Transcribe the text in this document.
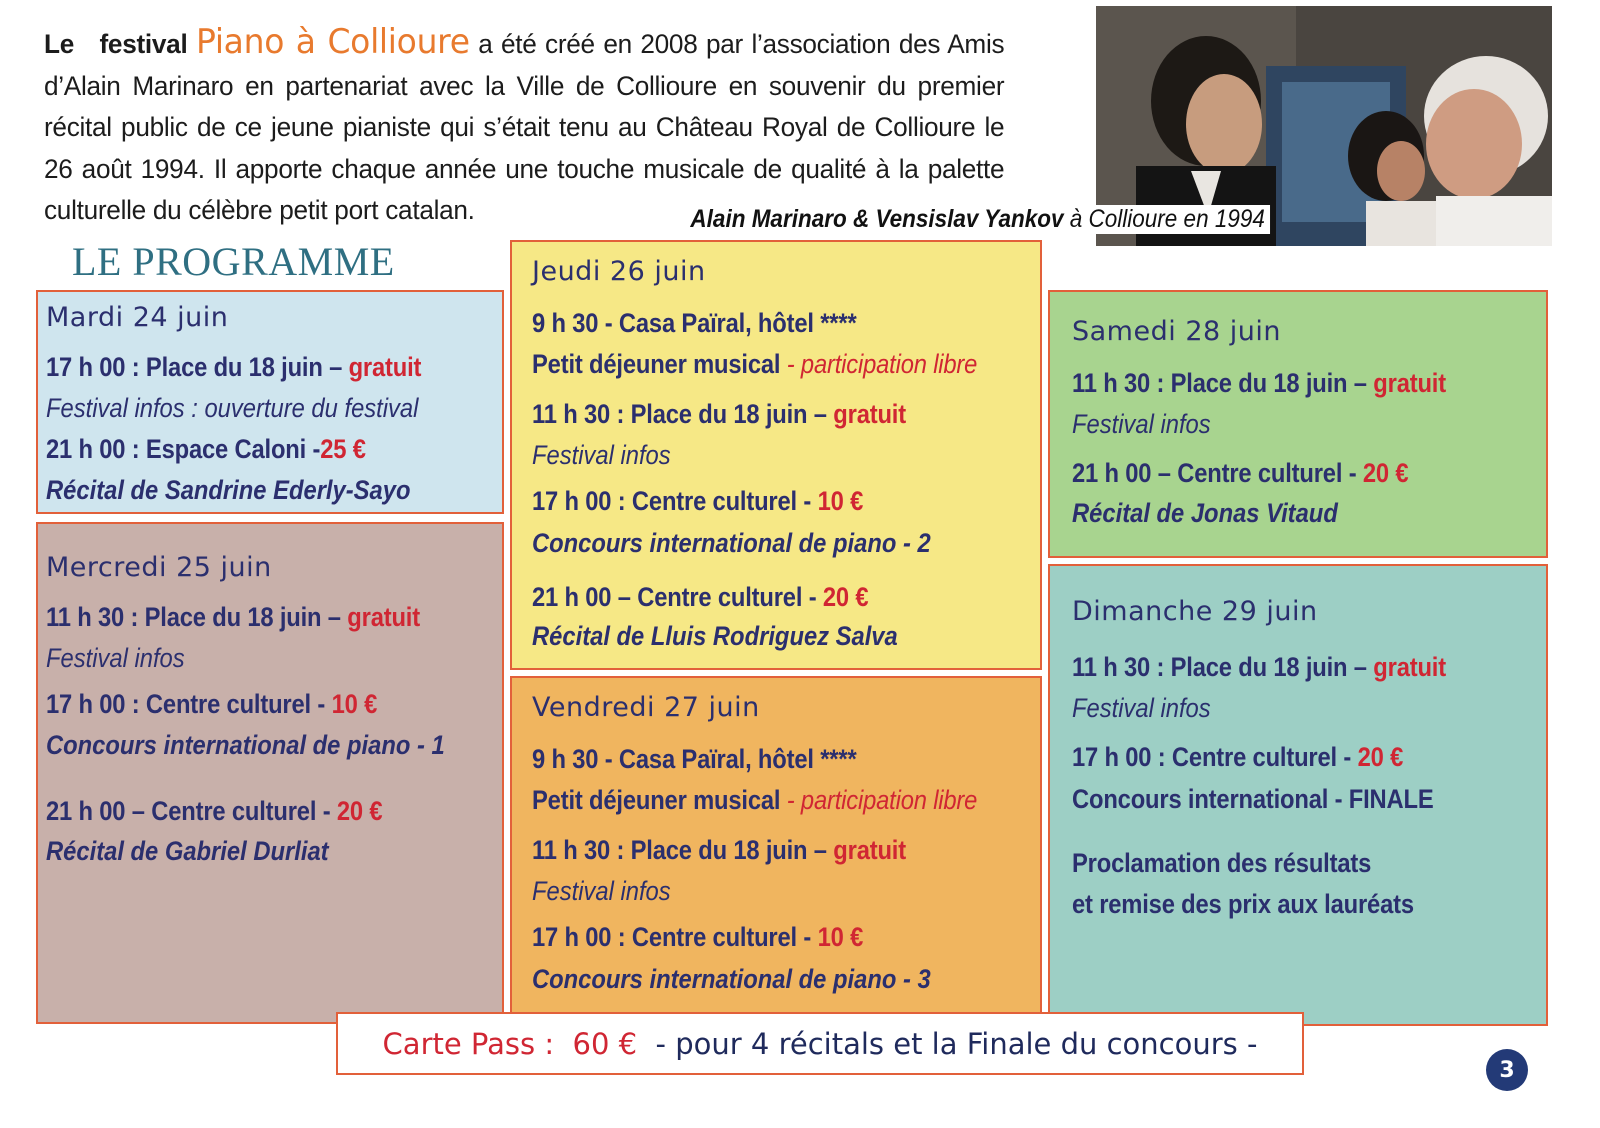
Le festival Piano à Collioure a été créé en 2008 par l’association des Amis d’Alain Marinaro en partenariat avec la Ville de Collioure en souvenir du premier récital public de ce jeune pianiste qui s’était tenu au Château Royal de Collioure le 26 août 1994. Il apporte chaque année une touche musicale de qualité à la palette culturelle du célèbre petit port catalan.	Alain Marinaro & Vensislav Yankov à Collioure en 1994
LE PROGRAMME
Mardi 24 juin
17 h 00 : Place du 18 juin – gratuit
Festival infos : ouverture du festival
21 h 00 : Espace Caloni -25 €
Récital de Sandrine Ederly-Sayo
Mercredi 25 juin
11 h 30 : Place du 18 juin – gratuit
Festival infos
17 h 00 : Centre culturel - 10 €
Concours international de piano - 1
21 h 00 – Centre culturel - 20 €
Récital de Gabriel Durliat
Jeudi 26 juin
9 h 30 - Casa Païral, hôtel ****
Petit déjeuner musical - participation libre
11 h 30 : Place du 18 juin – gratuit
Festival infos
17 h 00 : Centre culturel - 10 €
Concours international de piano - 2
21 h 00 – Centre culturel - 20 €
Récital de Lluis Rodriguez Salva
Vendredi 27 juin
9 h 30 - Casa Païral, hôtel ****
Petit déjeuner musical - participation libre
11 h 30 : Place du 18 juin – gratuit
Festival infos
17 h 00 : Centre culturel - 10 €
Concours international de piano - 3
Samedi 28 juin
11 h 30 : Place du 18 juin – gratuit
Festival infos
21 h 00 – Centre culturel - 20 €
Récital de Jonas Vitaud
Dimanche 29 juin
11 h 30 : Place du 18 juin – gratuit
Festival infos
17 h 00 : Centre culturel - 20 €
Concours international - FINALE
Proclamation des résultats
et remise des prix aux lauréats
Carte Pass :
60 €
- pour 4 récitals et la Finale du concours -
3
